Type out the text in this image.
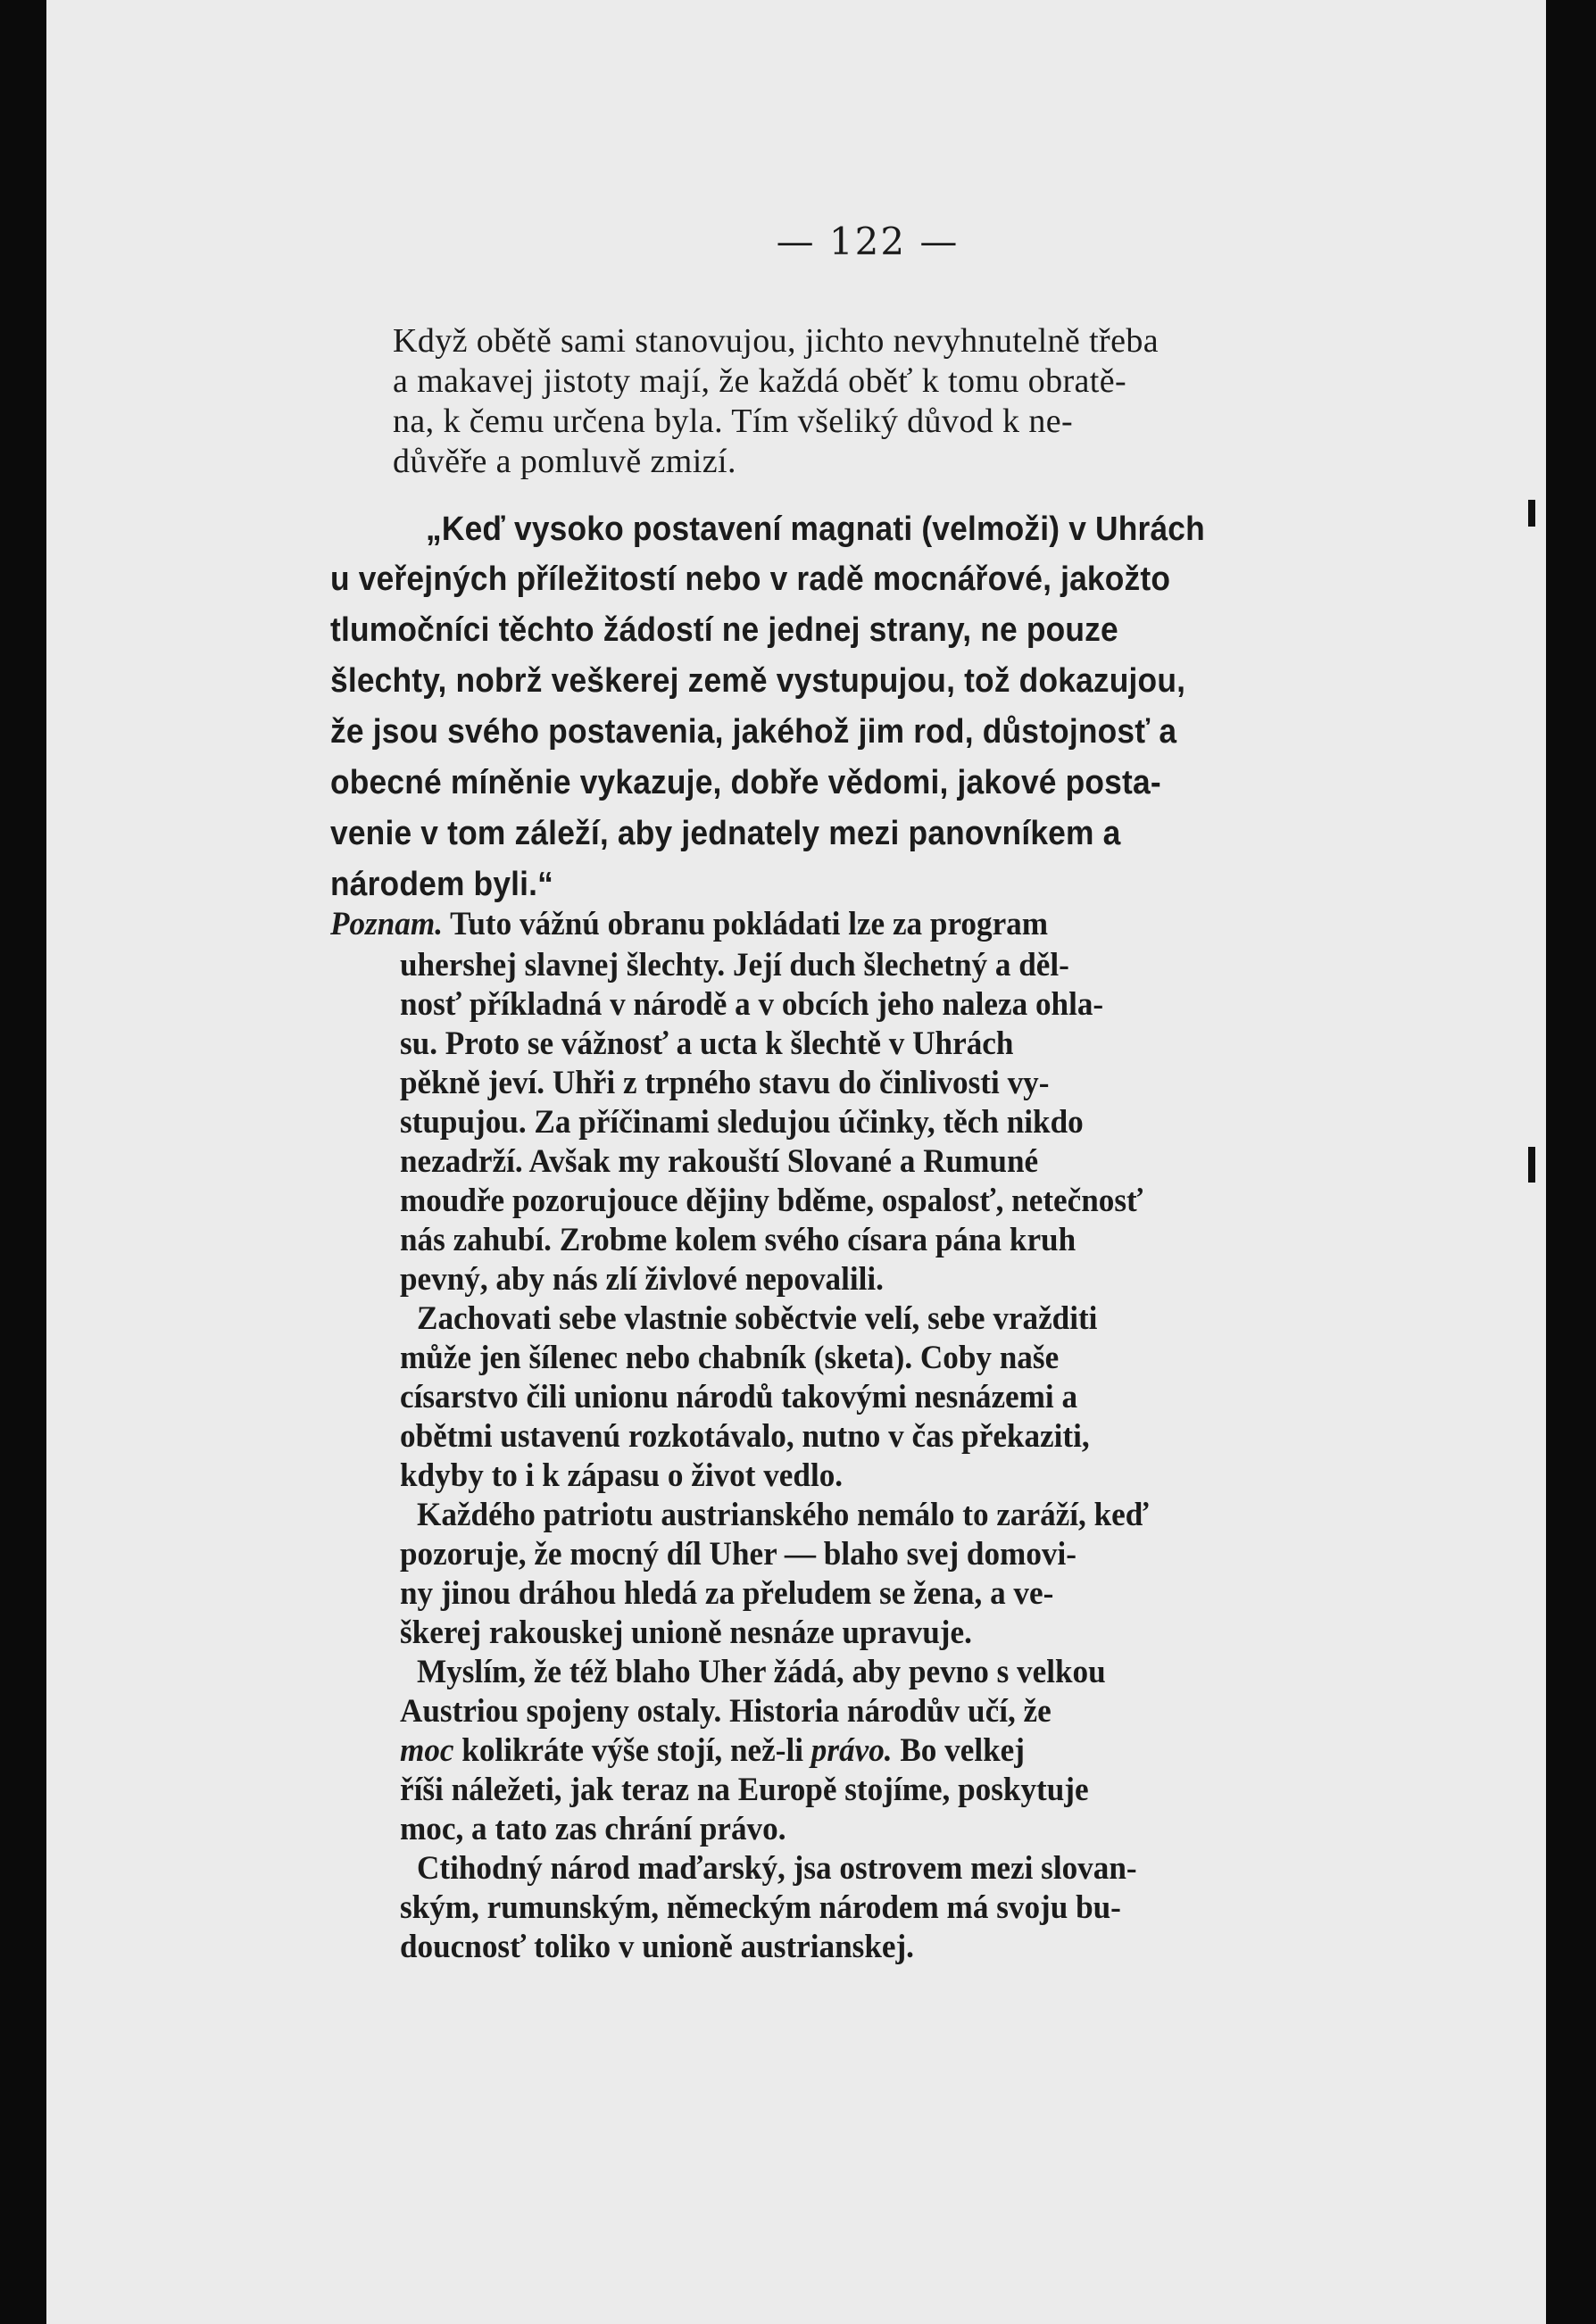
— 122 —
Když obětě sami stanovujou, jichto nevyhnutelně třeba
a makavej jistoty mají, že každá oběť k tomu obratě-
na, k čemu určena byla. Tím všeliký důvod k ne-
důvěře a pomluvě zmizí.
„Keď vysoko postavení magnati (velmoži) v Uhrách
u veřejných příležitostí nebo v radě mocnářové, jakožto
tlumočníci těchto žádostí ne jednej strany, ne pouze
šlechty, nobrž veškerej země vystupujou, tož dokazujou,
že jsou svého postavenia, jakéhož jim rod, důstojnosť a
obecné míněnie vykazuje, dobře vědomi, jakové posta-
venie v tom záleží, aby jednately mezi panovníkem a
národem byli.“
Poznam. Tuto vážnú obranu pokládati lze za program
uhershej slavnej šlechty. Její duch šlechetný a děl-
nosť příkladná v národě a v obcích jeho naleza ohla-
su. Proto se vážnosť a ucta k šlechtě v Uhrách
pěkně jeví. Uhři z trpného stavu do činlivosti vy-
stupujou. Za příčinami sledujou účinky, těch nikdo
nezadrží. Avšak my rakouští Slované a Rumuné
moudře pozorujouce dějiny bděme, ospalosť, netečnosť
nás zahubí. Zrobme kolem svého císara pána kruh
pevný, aby nás zlí živlové nepovalili.
Zachovati sebe vlastnie soběctvie velí, sebe vražditi
může jen šílenec nebo chabník (sketa). Coby naše
císarstvo čili unionu národů takovými nesnázemi a
obětmi ustavenú rozkotávalo, nutno v čas překaziti,
kdyby to i k zápasu o život vedlo.
Každého patriotu austrianského nemálo to zaráží, keď
pozoruje, že mocný díl Uher — blaho svej domovi-
ny jinou dráhou hledá za přeludem se žena, a ve-
škerej rakouskej unioně nesnáze upravuje.
Myslím, že též blaho Uher žádá, aby pevno s velkou
Austriou spojeny ostaly. Historia národův učí, že
moc kolikráte výše stojí, než-li právo. Bo velkej
říši náležeti, jak teraz na Europě stojíme, poskytuje
moc, a tato zas chrání právo.
Ctihodný národ maďarský, jsa ostrovem mezi slovan-
ským, rumunským, německým národem má svoju bu-
doucnosť toliko v unioně austrianskej.
